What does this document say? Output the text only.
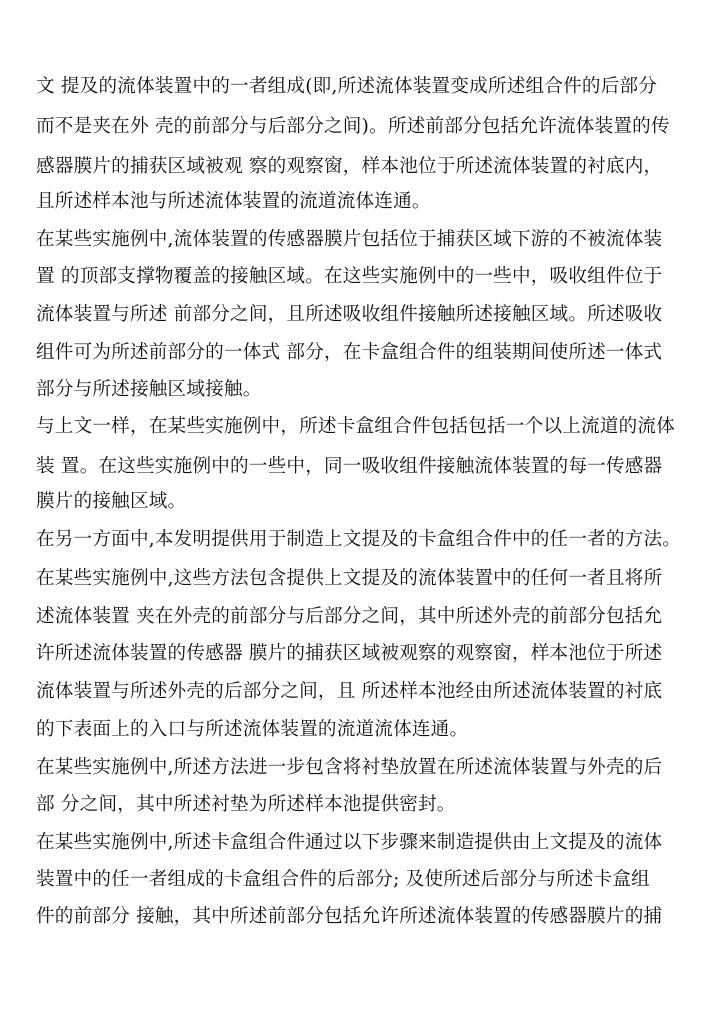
文 提及的流体装置中的一者组成(即,所述流体装置变成所述组合件的后部分
而不是夹在外 壳的前部分与后部分之间)。所述前部分包括允许流体装置的传
感器膜片的捕获区域被观 察的观察窗，样本池位于所述流体装置的衬底内，
且所述样本池与所述流体装置的流道流体连通。
在某些实施例中,流体装置的传感器膜片包括位于捕获区域下游的不被流体装
置 的顶部支撑物覆盖的接触区域。在这些实施例中的一些中，吸收组件位于
流体装置与所述 前部分之间，且所述吸收组件接触所述接触区域。所述吸收
组件可为所述前部分的一体式 部分，在卡盒组合件的组装期间使所述一体式
部分与所述接触区域接触。
与上文一样，在某些实施例中，所述卡盒组合件包括包括一个以上流道的流体
装 置。在这些实施例中的一些中，同一吸收组件接触流体装置的每一传感器
膜片的接触区域。
在另一方面中,本发明提供用于制造上文提及的卡盒组合件中的任一者的方法。
在某些实施例中,这些方法包含提供上文提及的流体装置中的任何一者且将所
述流体装置 夹在外壳的前部分与后部分之间，其中所述外壳的前部分包括允
许所述流体装置的传感器 膜片的捕获区域被观察的观察窗，样本池位于所述
流体装置与所述外壳的后部分之间，且 所述样本池经由所述流体装置的衬底
的下表面上的入口与所述流体装置的流道流体连通。
在某些实施例中,所述方法进一步包含将衬垫放置在所述流体装置与外壳的后
部 分之间，其中所述衬垫为所述样本池提供密封。
在某些实施例中,所述卡盒组合件通过以下步骤来制造提供由上文提及的流体
装置中的任一者组成的卡盒组合件的后部分; 及使所述后部分与所述卡盒组
件的前部分 接触，其中所述前部分包括允许所述流体装置的传感器膜片的捕
